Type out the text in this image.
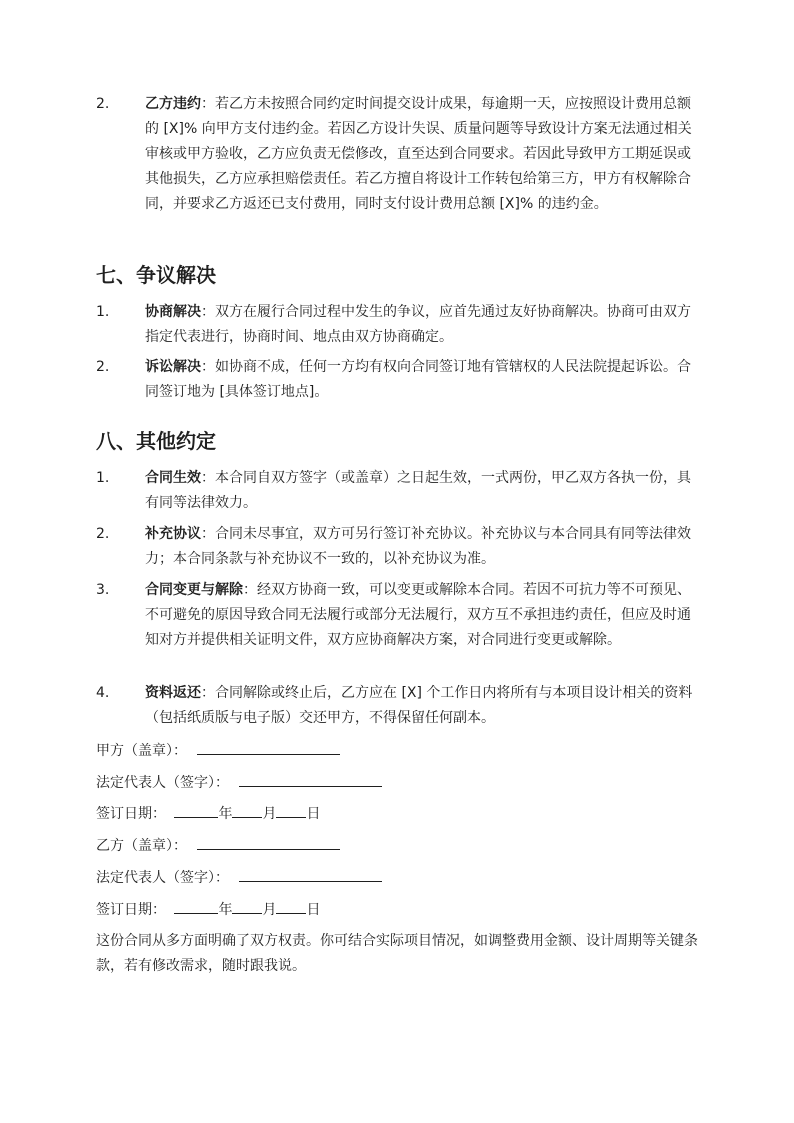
2.	乙方违约：若乙方未按照合同约定时间提交设计成果，每逾期一天，应按照设计费用总额的 [X]% 向甲方支付违约金。若因乙方设计失误、质量问题等导致设计方案无法通过相关审核或甲方验收，乙方应负责无偿修改，直至达到合同要求。若因此导致甲方工期延误或其他损失，乙方应承担赔偿责任。若乙方擅自将设计工作转包给第三方，甲方有权解除合同，并要求乙方返还已支付费用，同时支付设计费用总额 [X]% 的违约金。
七、争议解决
1.	协商解决：双方在履行合同过程中发生的争议，应首先通过友好协商解决。协商可由双方指定代表进行，协商时间、地点由双方协商确定。
2.	诉讼解决：如协商不成，任何一方均有权向合同签订地有管辖权的人民法院提起诉讼。合同签订地为 [具体签订地点]。
八、其他约定
1.	合同生效：本合同自双方签字（或盖章）之日起生效，一式两份，甲乙双方各执一份，具有同等法律效力。
2.	补充协议：合同未尽事宜，双方可另行签订补充协议。补充协议与本合同具有同等法律效力；本合同条款与补充协议不一致的，以补充协议为准。
3.	合同变更与解除：经双方协商一致，可以变更或解除本合同。若因不可抗力等不可预见、不可避免的原因导致合同无法履行或部分无法履行，双方互不承担违约责任，但应及时通知对方并提供相关证明文件，双方应协商解决方案，对合同进行变更或解除。
4.	资料返还：合同解除或终止后，乙方应在 [X] 个工作日内将所有与本项目设计相关的资料（包括纸质版与电子版）交还甲方，不得保留任何副本。
甲方（盖章）：
法定代表人（签字）：
签订日期：	年 月 日
乙方（盖章）：
法定代表人（签字）：
签订日期：	年 月 日
这份合同从多方面明确了双方权责。你可结合实际项目情况，如调整费用金额、设计周期等关键条款，若有修改需求，随时跟我说。
